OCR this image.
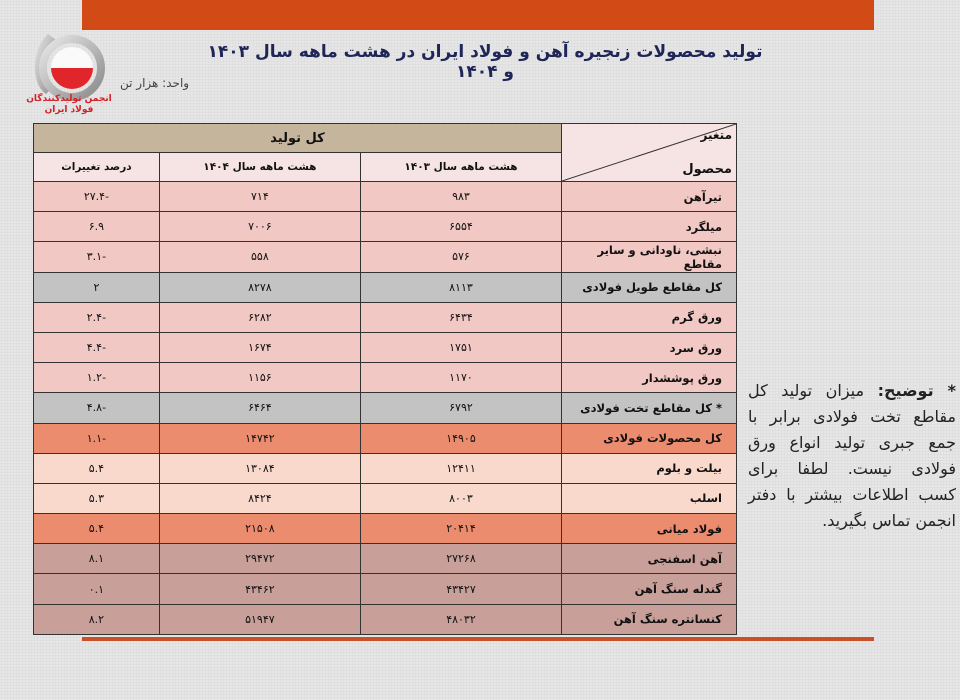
انجمن تولیدکنندگان
فولاد ایران
تولید محصولات زنجیره آهن و فولاد ایران در هشت ماهه سال ۱۴۰۳ و ۱۴۰۴
واحد: هزار تن
متغیر
محصول	کل تولید		
	هشت ماهه سال ۱۴۰۳	هشت ماهه سال ۱۴۰۴	درصد تغییرات
تیرآهن	۹۸۳	۷۱۴	-۲۷.۴
میلگرد	۶۵۵۴	۷۰۰۶	۶.۹
نبشی، ناودانی و سایر مقاطع	۵۷۶	۵۵۸	-۳.۱
کل مقاطع طویل فولادی	۸۱۱۳	۸۲۷۸	۲
ورق گرم	۶۴۳۴	۶۲۸۲	-۲.۴
ورق سرد	۱۷۵۱	۱۶۷۴	-۴.۴
ورق پوششدار	۱۱۷۰	۱۱۵۶	-۱.۲
* کل مقاطع تخت فولادی	۶۷۹۲	۶۴۶۴	-۴.۸
کل محصولات فولادی	۱۴۹۰۵	۱۴۷۴۲	-۱.۱
بیلت و بلوم	۱۲۴۱۱	۱۳۰۸۴	۵.۴
اسلب	۸۰۰۳	۸۴۲۴	۵.۳
فولاد میانی	۲۰۴۱۴	۲۱۵۰۸	۵.۴
آهن اسفنجی	۲۷۲۶۸	۲۹۴۷۲	۸.۱
گندله سنگ آهن	۴۳۴۲۷	۴۳۴۶۲	۰.۱
کنسانتره سنگ آهن	۴۸۰۳۲	۵۱۹۴۷	۸.۲
* توضیح: میزان تولید کل مقاطع تخت فولادی برابر با جمع جبری تولید انواع ورق فولادی نیست. لطفا برای کسب اطلاعات بیشتر با دفتر انجمن تماس بگیرید.
